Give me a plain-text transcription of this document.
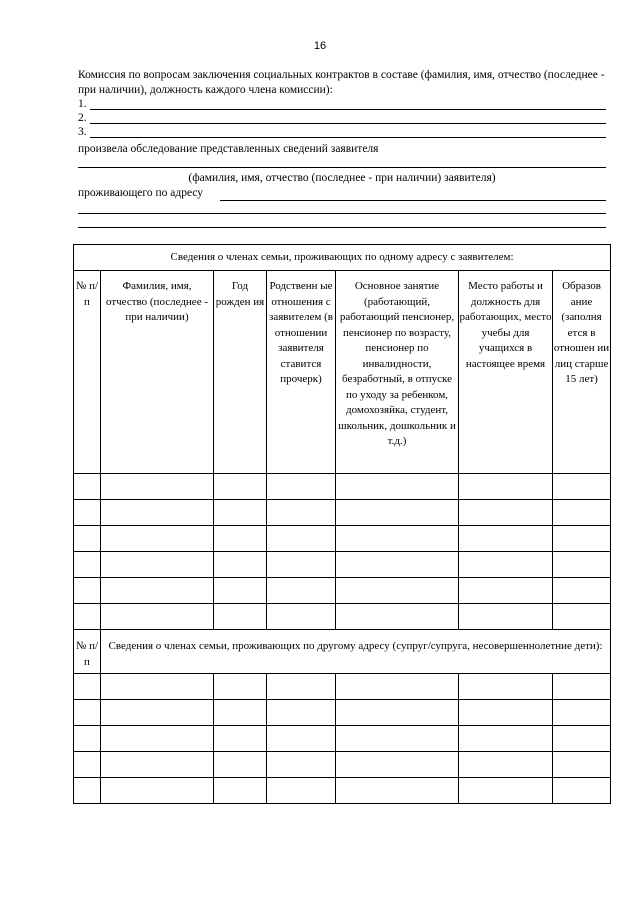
16
Комиссия по вопросам заключения социальных контрактов в составе (фамилия, имя, отчество (последнее - при наличии), должность каждого члена комиссии):
1.
2.
3.
произвела обследование представленных сведений заявителя
(фамилия, имя, отчество (последнее - при наличии) заявителя)
проживающего по адресу
Сведения о членах семьи, проживающих по одному адресу с заявителем:						
№ п/п	Фамилия, имя, отчество (последнее - при наличии)	Год рожден ия	Родственн ые отношения с заявителем (в отношении заявителя ставится прочерк)	Основное занятие (работающий, работающий пенсионер, пенсионер по возрасту, пенсионер по инвалидности, безработный, в отпуске по уходу за ребенком, домохозяйка, студент, школьник, дошкольник и т.д.)	Место работы и должность для работающих, место учебы для учащихся в настоящее время	Образов ание (заполня ется в отношен ии лиц старше 15 лет)

№ п/п	Сведения о членах семьи, проживающих по другому адресу (супруг/супруга, несовершеннолетние дети):					
